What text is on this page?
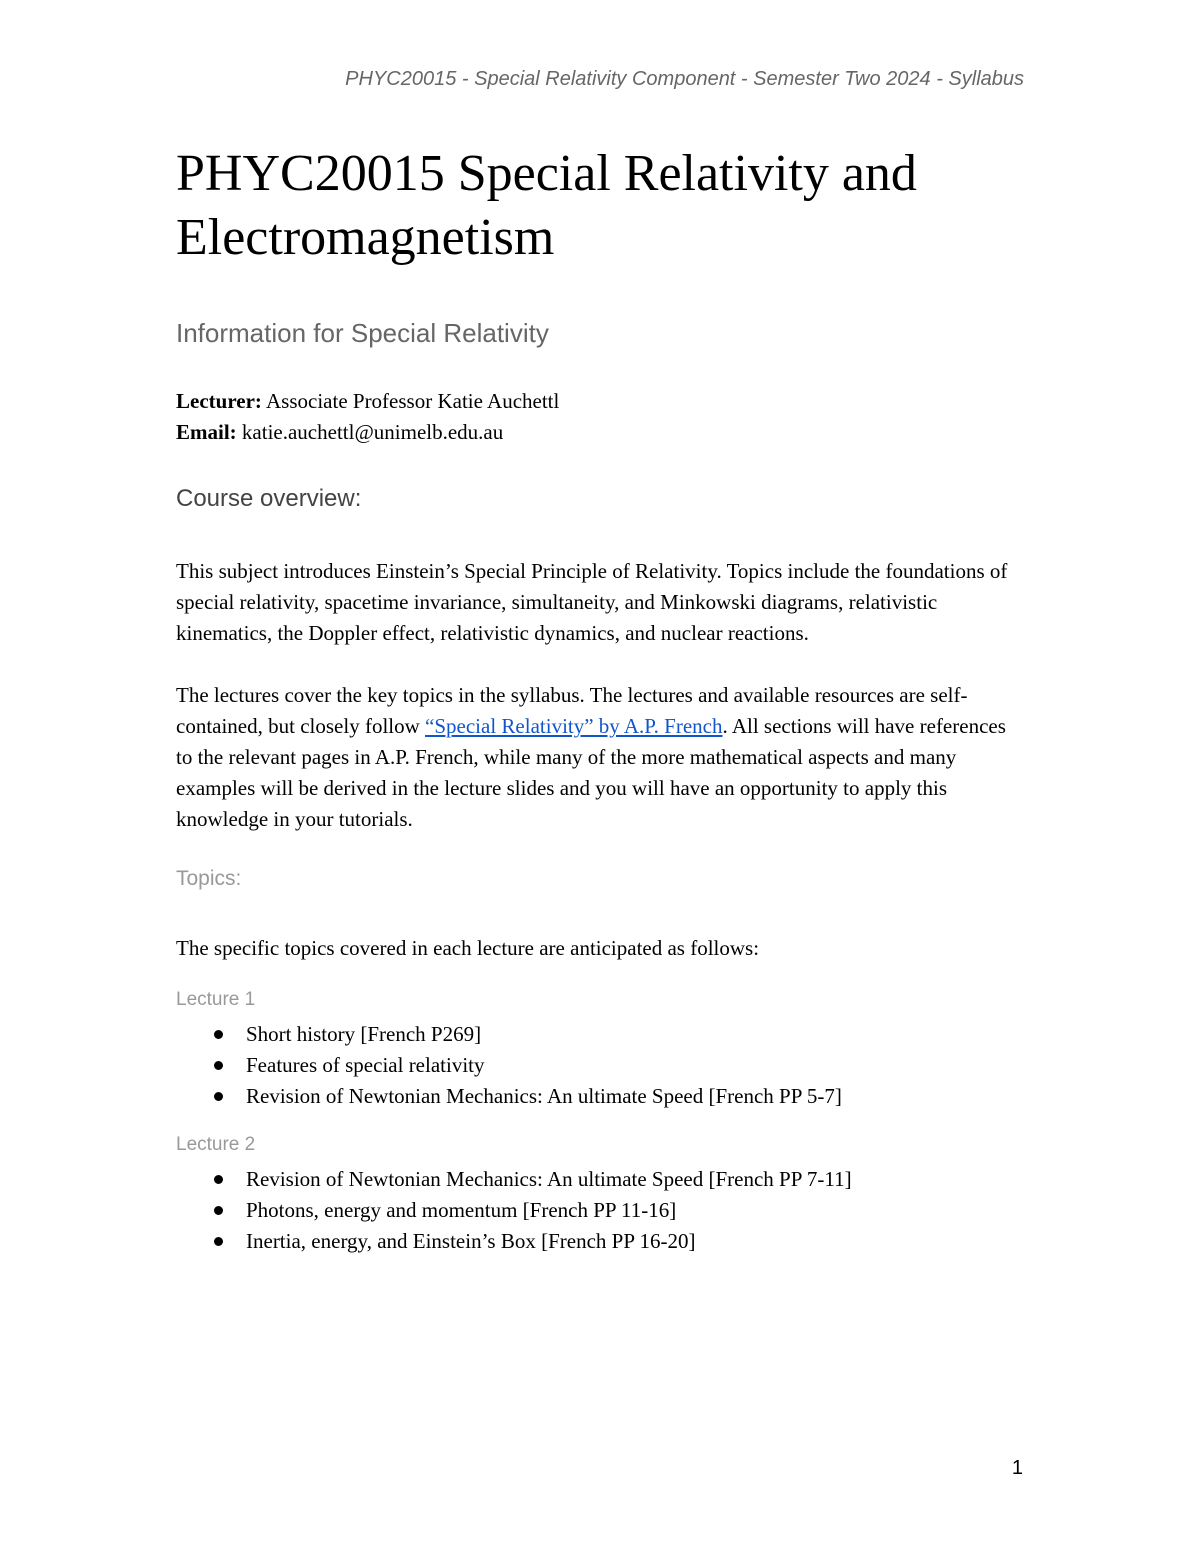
PHYC20015 - Special Relativity Component - Semester Two 2024 - Syllabus
PHYC20015 Special Relativity and Electromagnetism
Information for Special Relativity

Lecturer: Associate Professor Katie Auchettl

Email: katie.auchettl@unimelb.edu.au

Course overview:

This subject introduces Einstein’s Special Principle of Relativity. Topics include the foundations of special relativity, spacetime invariance, simultaneity, and Minkowski diagrams, relativistic kinematics, the Doppler effect, relativistic dynamics, and nuclear reactions.

The lectures cover the key topics in the syllabus. The lectures and available resources are self-contained, but closely follow “Special Relativity” by A.P. French. All sections will have references to the relevant pages in A.P. French, while many of the more mathematical aspects and many examples will be derived in the lecture slides and you will have an opportunity to apply this knowledge in your tutorials.

Topics:

The specific topics covered in each lecture are anticipated as follows:

Lecture 1
Short history [French P269]
Features of special relativity
Revision of Newtonian Mechanics: An ultimate Speed [French PP 5-7]
Lecture 2
Revision of Newtonian Mechanics: An ultimate Speed [French PP 7-11]
Photons, energy and momentum [French PP 11-16]
Inertia, energy, and Einstein’s Box [French PP 16-20]
1
